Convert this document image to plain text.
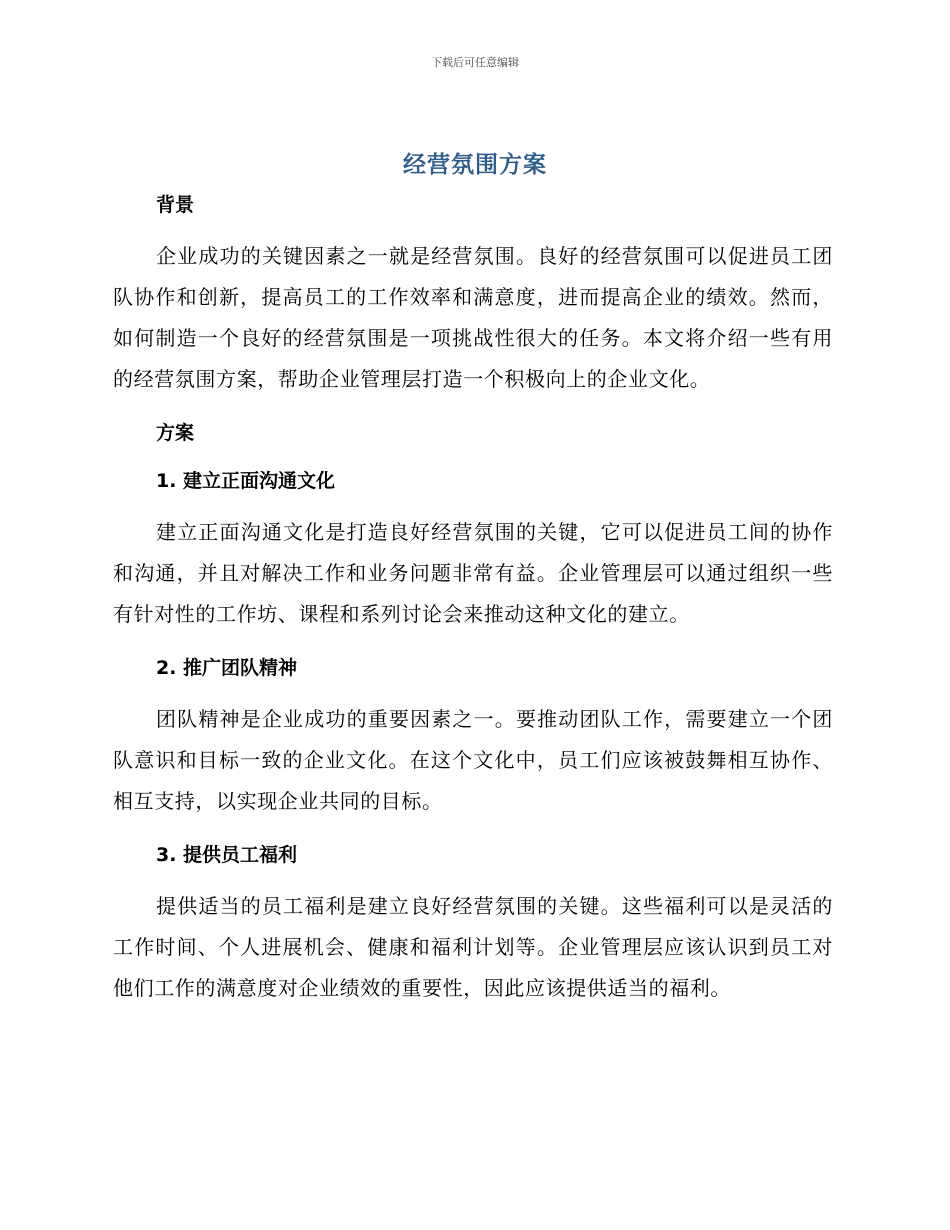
下载后可任意编辑
经营氛围方案
背景

企业成功的关键因素之一就是经营氛围。良好的经营氛围可以促进员工团队协作和创新，提高员工的工作效率和满意度，进而提高企业的绩效。然而，如何制造一个良好的经营氛围是一项挑战性很大的任务。本文将介绍一些有用的经营氛围方案，帮助企业管理层打造一个积极向上的企业文化。

方案
1. 建立正面沟通文化

建立正面沟通文化是打造良好经营氛围的关键，它可以促进员工间的协作和沟通，并且对解决工作和业务问题非常有益。企业管理层可以通过组织一些有针对性的工作坊、课程和系列讨论会来推动这种文化的建立。

2. 推广团队精神

团队精神是企业成功的重要因素之一。要推动团队工作，需要建立一个团队意识和目标一致的企业文化。在这个文化中，员工们应该被鼓舞相互协作、相互支持，以实现企业共同的目标。

3. 提供员工福利

提供适当的员工福利是建立良好经营氛围的关键。这些福利可以是灵活的工作时间、个人进展机会、健康和福利计划等。企业管理层应该认识到员工对他们工作的满意度对企业绩效的重要性，因此应该提供适当的福利。
